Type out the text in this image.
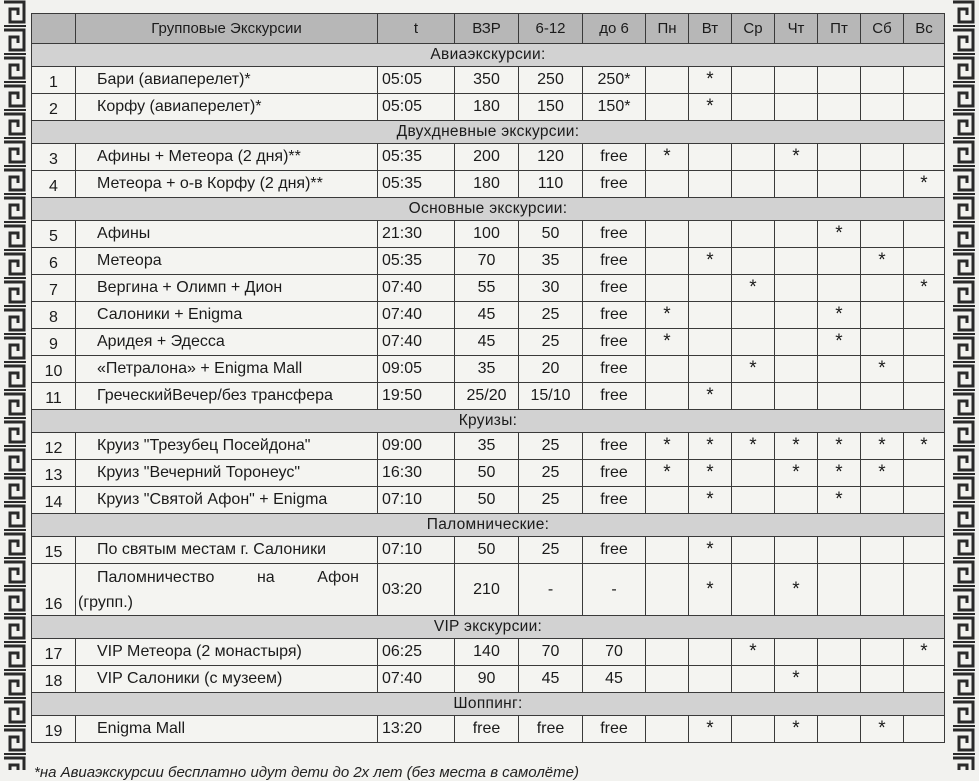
	Групповые Экскурсии	t	ВЗР	6-12	до 6	Пн	Вт	Ср	Чт	Пт	Сб	Вс
Авиаэкскурсии:												
1	Бари (авиаперелет)*	05:05	350	250	250*		*					
2	Корфу (авиаперелет)*	05:05	180	150	150*		*					
Двухдневные экскурсии:												
3	Афины + Метеора (2 дня)**	05:35	200	120	free	*			*			
4	Метеора + о-в Корфу (2 дня)**	05:35	180	110	free							*
Основные экскурсии:												
5	Афины	21:30	100	50	free					*		
6	Метеора	05:35	70	35	free		*				*	
7	Вергина + Олимп + Дион	07:40	55	30	free			*				*
8	Салоники + Enigma	07:40	45	25	free	*				*		
9	Аридея + Эдесса	07:40	45	25	free	*				*		
10	«Петралона» + Enigma Mall	09:05	35	20	free			*			*	
11	ГреческийВечер/без трансфера	19:50	25/20	15/10	free		*					
Круизы:												
12	Круиз "Трезубец Посейдона"	09:00	35	25	free	*	*	*	*	*	*	*
13	Круиз "Вечерний Торонеус"	16:30	50	25	free	*	*		*	*	*	
14	Круиз "Святой Афон" + Enigma	07:10	50	25	free		*			*		
Паломнические:												
15	По святым местам г. Салоники	07:10	50	25	free		*					
16	Паломничество на Афон
(групп.)	03:20	210	-	-		*		*			
VIP экскурсии:												
17	VIP Метеора (2 монастыря)	06:25	140	70	70			*				*
18	VIP Салоники (с музеем)	07:40	90	45	45				*			
Шоппинг:												
19	Enigma Mall	13:20	free	free	free		*		*		*	
*на Авиаэкскурсии бесплатно идут дети до 2х лет (без места в самолёте)
